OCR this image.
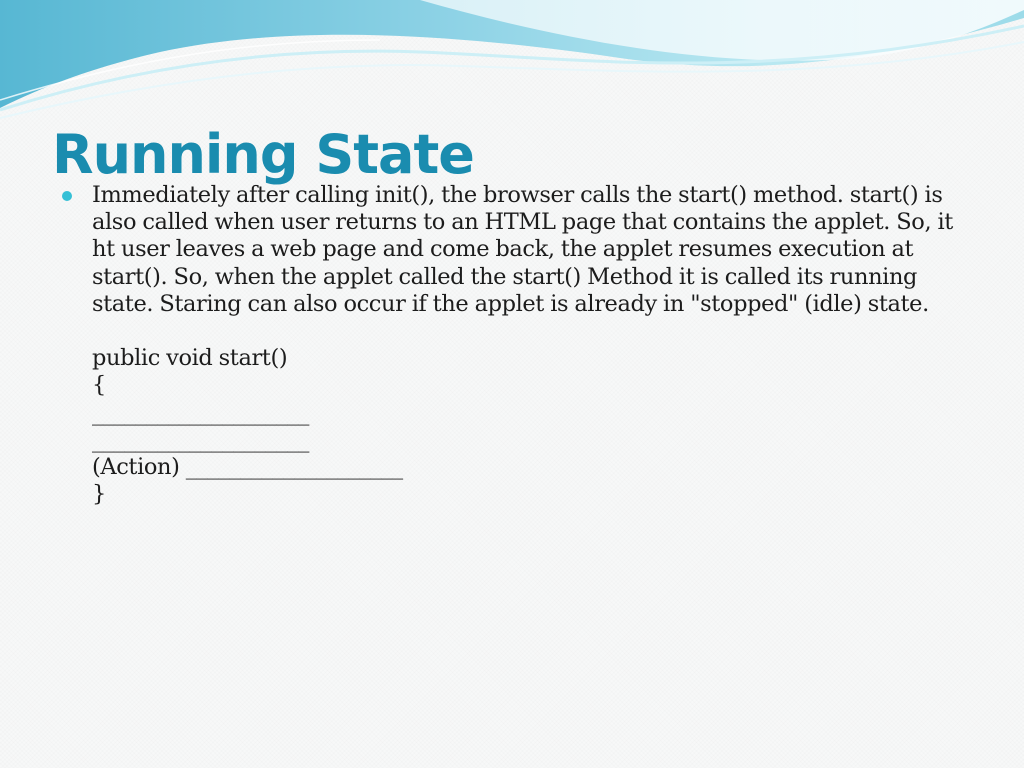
Running State
Immediately after calling init(), the browser calls the start() method. start() is also called when user returns to an HTML page that contains the applet. So, it ht user leaves a web page and come back, the applet resumes execution at start(). So, when the applet called the start() Method it is called its running state. Staring can also occur if the applet is already in "stopped" (idle) state.
public void start()
{
____________________
____________________
(Action) ____________________
}
